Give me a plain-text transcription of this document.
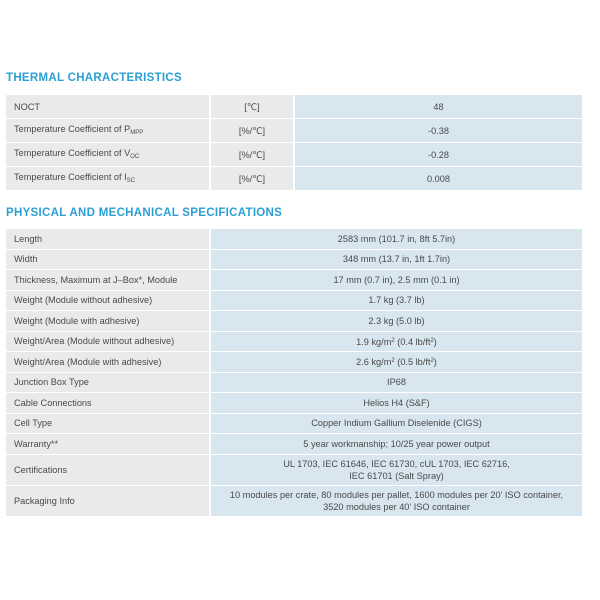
THERMAL CHARACTERISTICS
NOCT	[℃]	48
Temperature Coefficient of $P_{MPP}$	[%/℃]	-0.38
Temperature Coefficient of $V_{OC}$	[%/℃]	-0.28
Temperature Coefficient of $I_{SC}$	[%/℃]	0.008
PHYSICAL AND MECHANICAL SPECIFICATIONS
Length	2583 mm (101.7 in, 8ft 5.7in)
Width	348 mm (13.7 in, 1ft 1.7in)
Thickness, Maximum at J–Box*, Module	17 mm (0.7 in), 2.5 mm (0.1 in)
Weight (Module without adhesive)	1.7 kg (3.7 lb)
Weight (Module with adhesive)	2.3 kg (5.0 lb)
Weight/Area (Module without adhesive)	1.9 $kg/m^2$ (0.4 $lb/ft^2$)
Weight/Area (Module with adhesive)	2.6 $kg/m^2$ (0.5 $lb/ft^2$)
Junction Box Type	IP68
Cable Connections	Helios H4 (S&F)
Cell Type	Copper Indium Gallium Diselenide (CIGS)
Warranty**	5 year workmanship; 10/25 year power output
Certifications	UL 1703, IEC 61646, IEC 61730, cUL 1703, IEC 62716,
IEC 61701 (Salt Spray)
Packaging Info	10 modules per crate, 80 modules per pallet, 1600 modules per 20' ISO container,
3520 modules per 40' ISO container
